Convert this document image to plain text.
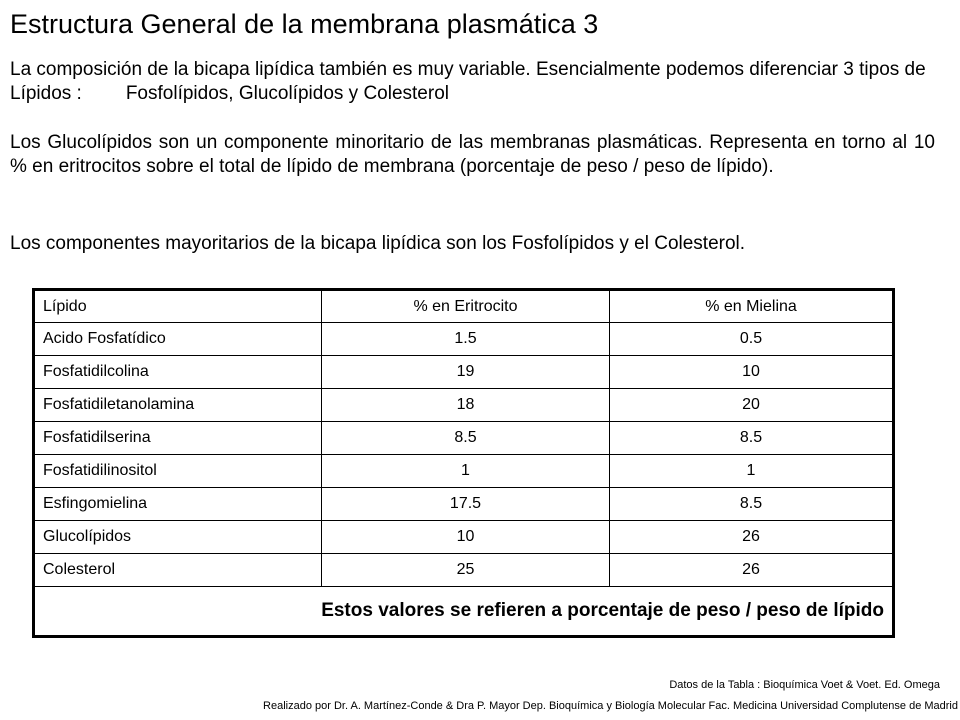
Estructura General de la membrana plasmática 3

La composición de la bicapa lipídica también es muy variable. Esencialmente podemos diferenciar 3 tipos de Lípidos : Fosfolípidos, Glucolípidos y Colesterol

Los Glucolípidos son un componente minoritario de las membranas plasmáticas. Representa en torno al 10 % en eritrocitos sobre el total de lípido de membrana (porcentaje de peso / peso de lípido).

Los componentes mayoritarios de la bicapa lipídica son los Fosfolípidos y el Colesterol.

Lípido	% en Eritrocito	% en Mielina
Acido Fosfatídico	1.5	0.5
Fosfatidilcolina	19	10
Fosfatidiletanolamina	18	20
Fosfatidilserina	8.5	8.5
Fosfatidilinositol	1	1
Esfingomielina	17.5	8.5
Glucolípidos	10	26
Colesterol	25	26
Estos valores se refieren a porcentaje de peso / peso de lípido		
Datos de la Tabla : Bioquímica Voet & Voet. Ed. Omega
Realizado por Dr. A. Martínez-Conde & Dra P. Mayor Dep. Bioquímica y Biología Molecular Fac. Medicina Universidad Complutense de Madrid
